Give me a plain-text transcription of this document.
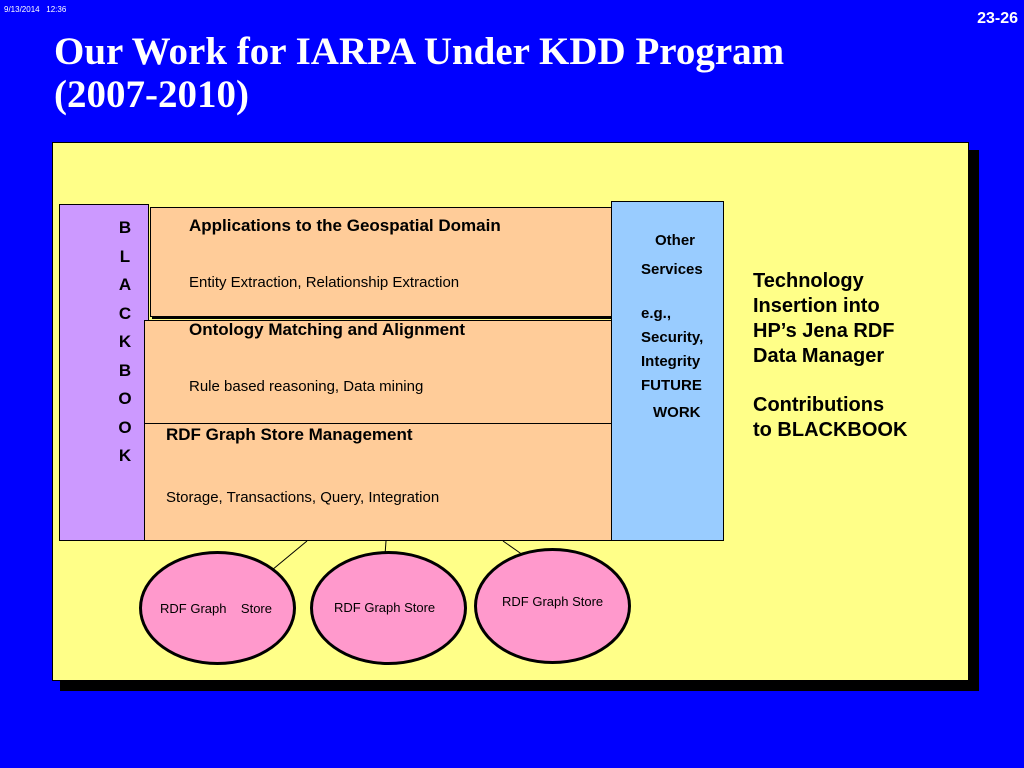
9/13/2014   12:36
23-26
Our Work for IARPA Under KDD Program
(2007-2010)
B
L
A
C
K
B
O
O
K
Applications to the Geospatial Domain
Entity Extraction, Relationship Extraction
Ontology Matching and Alignment
Rule based reasoning, Data mining
RDF Graph Store Management
Storage, Transactions, Query, Integration
Other
Services
e.g.,
Security,
Integrity
FUTURE
WORK
Technology
Insertion into
HP’s Jena RDF
Data Manager
Contributions
to BLACKBOOK
RDF Graph    Store	RDF Graph Store	RDF Graph Store
